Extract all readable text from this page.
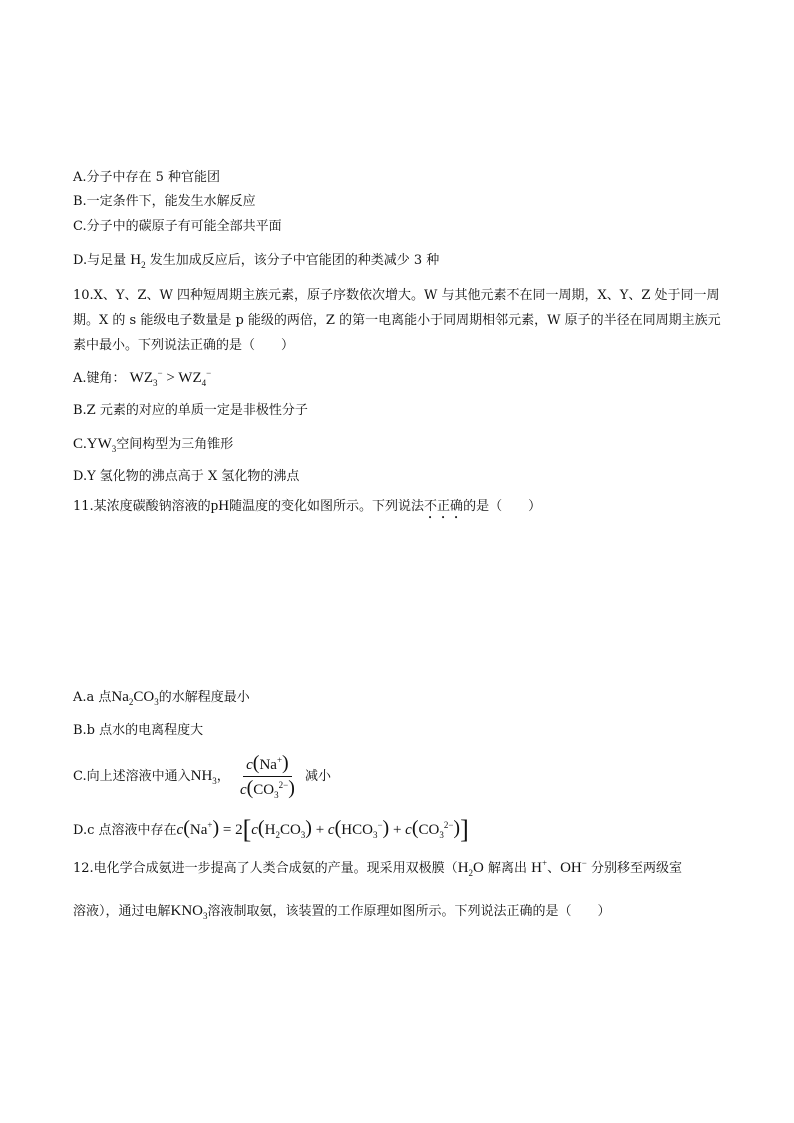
A.分子中存在 5 种官能团
B.一定条件下，能发生水解反应
C.分子中的碳原子有可能全部共平面
D.与足量 $H_2$ 发生加成反应后，该分子中官能团的种类减少 3 种
10.X、Y、Z、W 四种短周期主族元素，原子序数依次增大。W 与其他元素不在同一周期，X、Y、Z 处于同一周期。X 的 s 能级电子数量是 p 能级的两倍，Z 的第一电离能小于同周期相邻元素，W 原子的半径在同周期主族元素中最小。下列说法正确的是（　　）
A.键角： $WZ_3^- > WZ_4^-$
B.Z 元素的对应的单质一定是非极性分子
$C.YW_3$空间构型为三角锥形
D.Y 氢化物的沸点高于 X 氢化物的沸点
11.某浓度碳酸钠溶液的pH随温度的变化如图所示。下列说法不正确的是（　　）
A.a 点$Na_2CO_3$的水解程度最小
B.b 点水的电离程度大
C.向上述溶液中通入$NH_3$， $\frac{c(Na^+)}{c(CO_3^{2-})}$ 减小
D.c 点溶液中存在$c(Na^+) = 2[c(H_2CO_3) + c(HCO_3^-) + c(CO_3^{2-})]$
12.电化学合成氨进一步提高了人类合成氨的产量。现采用双极膜（$H_2O$ 解离出 H+、OH− 分别移至两级室
溶液），通过电解$KNO_3$溶液制取氨，该装置的工作原理如图所示。下列说法正确的是（　　）
